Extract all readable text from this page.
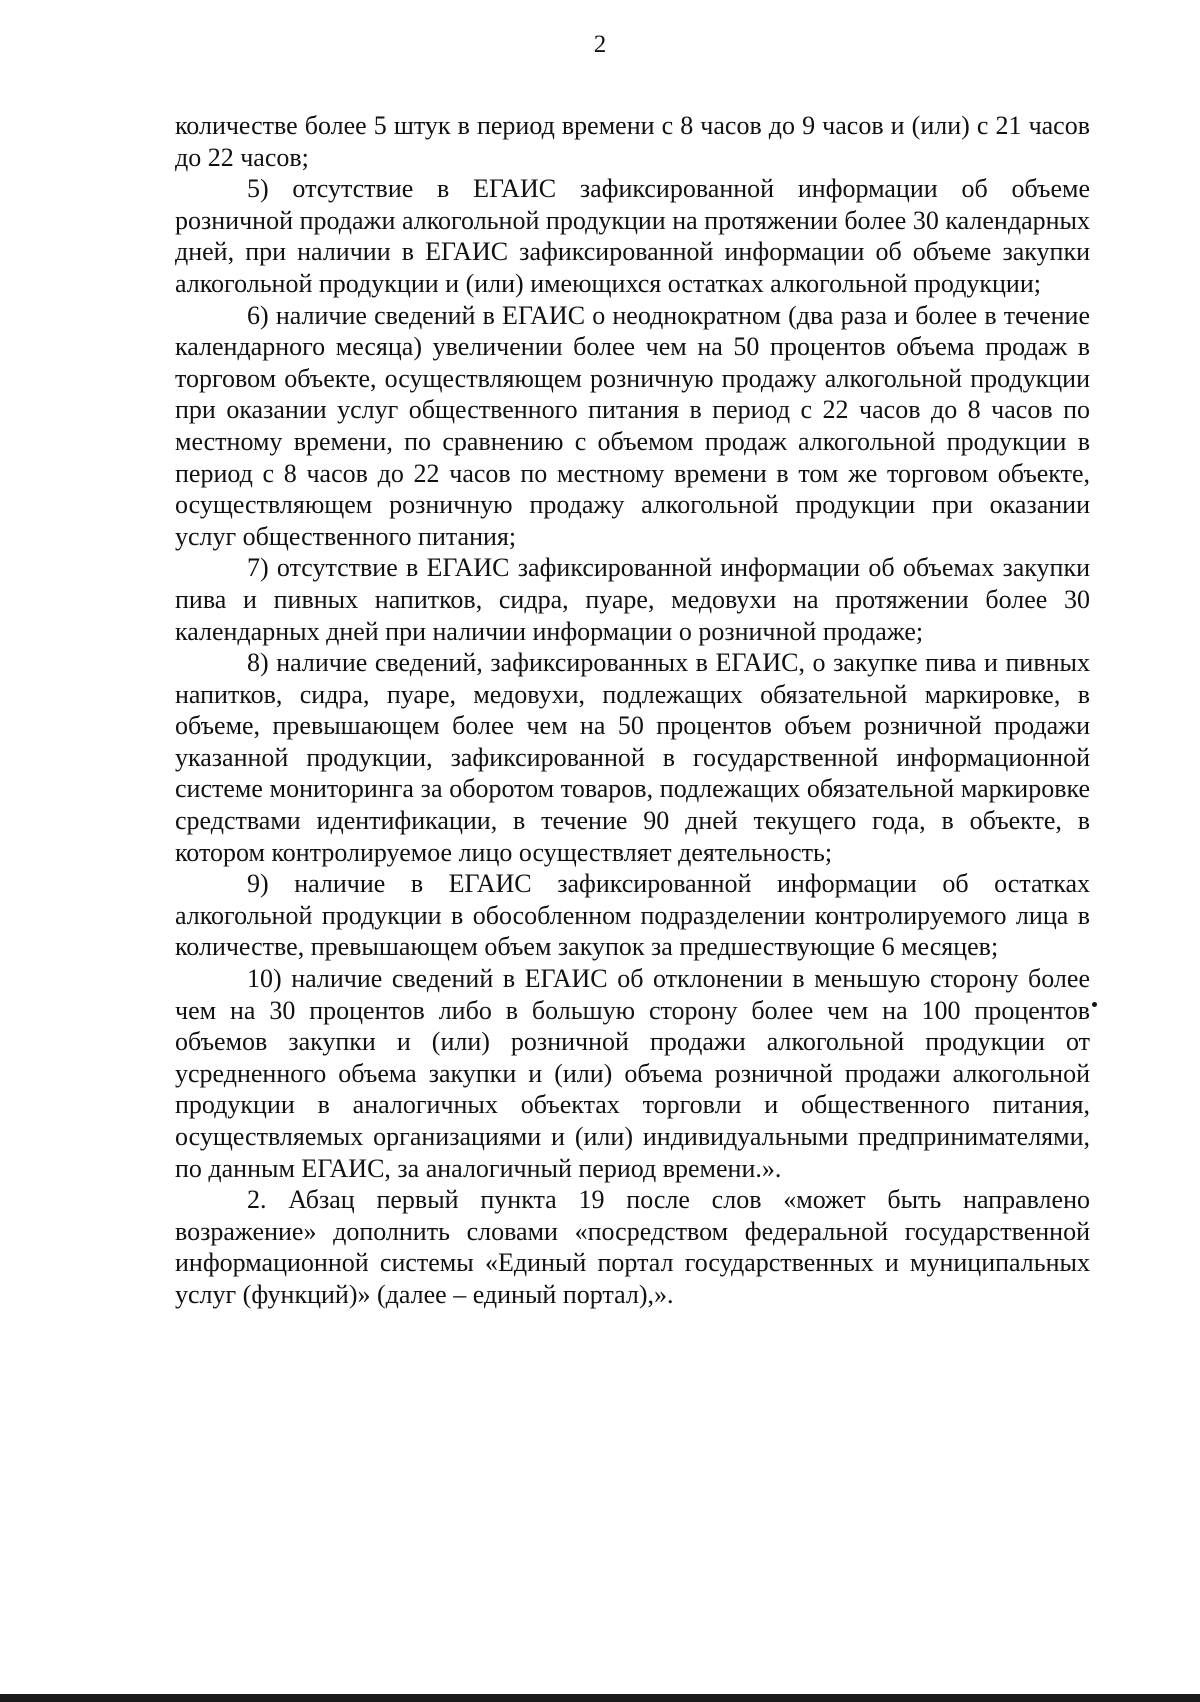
2

количестве более 5 штук в период времени с 8 часов до 9 часов и (или) с 21 часов до 22 часов;

5) отсутствие в ЕГАИС зафиксированной информации об объеме розничной продажи алкогольной продукции на протяжении более 30 календарных дней, при наличии в ЕГАИС зафиксированной информации об объеме закупки алкогольной продукции и (или) имеющихся остатках алкогольной продукции;

6) наличие сведений в ЕГАИС о неоднократном (два раза и более в течение календарного месяца) увеличении более чем на 50 процентов объема продаж в торговом объекте, осуществляющем розничную продажу алкогольной продукции при оказании услуг общественного питания в период с 22 часов до 8 часов по местному времени, по сравнению с объемом продаж алкогольной продукции в период с 8 часов до 22 часов по местному времени в том же торговом объекте, осуществляющем розничную продажу алкогольной продукции при оказании услуг общественного питания;

7) отсутствие в ЕГАИС зафиксированной информации об объемах закупки пива и пивных напитков, сидра, пуаре, медовухи на протяжении более 30 календарных дней при наличии информации о розничной продаже;

8) наличие сведений, зафиксированных в ЕГАИС, о закупке пива и пивных напитков, сидра, пуаре, медовухи, подлежащих обязательной маркировке, в объеме, превышающем более чем на 50 процентов объем розничной продажи указанной продукции, зафиксированной в государственной информационной системе мониторинга за оборотом товаров, подлежащих обязательной маркировке средствами идентификации, в течение 90 дней текущего года, в объекте, в котором контролируемое лицо осуществляет деятельность;

9) наличие в ЕГАИС зафиксированной информации об остатках алкогольной продукции в обособленном подразделении контролируемого лица в количестве, превышающем объем закупок за предшествующие 6 месяцев;

10) наличие сведений в ЕГАИС об отклонении в меньшую сторону более чем на 30 процентов либо в большую сторону более чем на 100 процентов объемов закупки и (или) розничной продажи алкогольной продукции от усредненного объема закупки и (или) объема розничной продажи алкогольной продукции в аналогичных объектах торговли и общественного питания, осуществляемых организациями и (или) индивидуальными предпринимателями, по данным ЕГАИС, за аналогичный период времени.».

2. Абзац первый пункта 19 после слов «может быть направлено возражение» дополнить словами «посредством федеральной государственной информационной системы «Единый портал государственных и муниципальных услуг (функций)» (далее – единый портал),».
